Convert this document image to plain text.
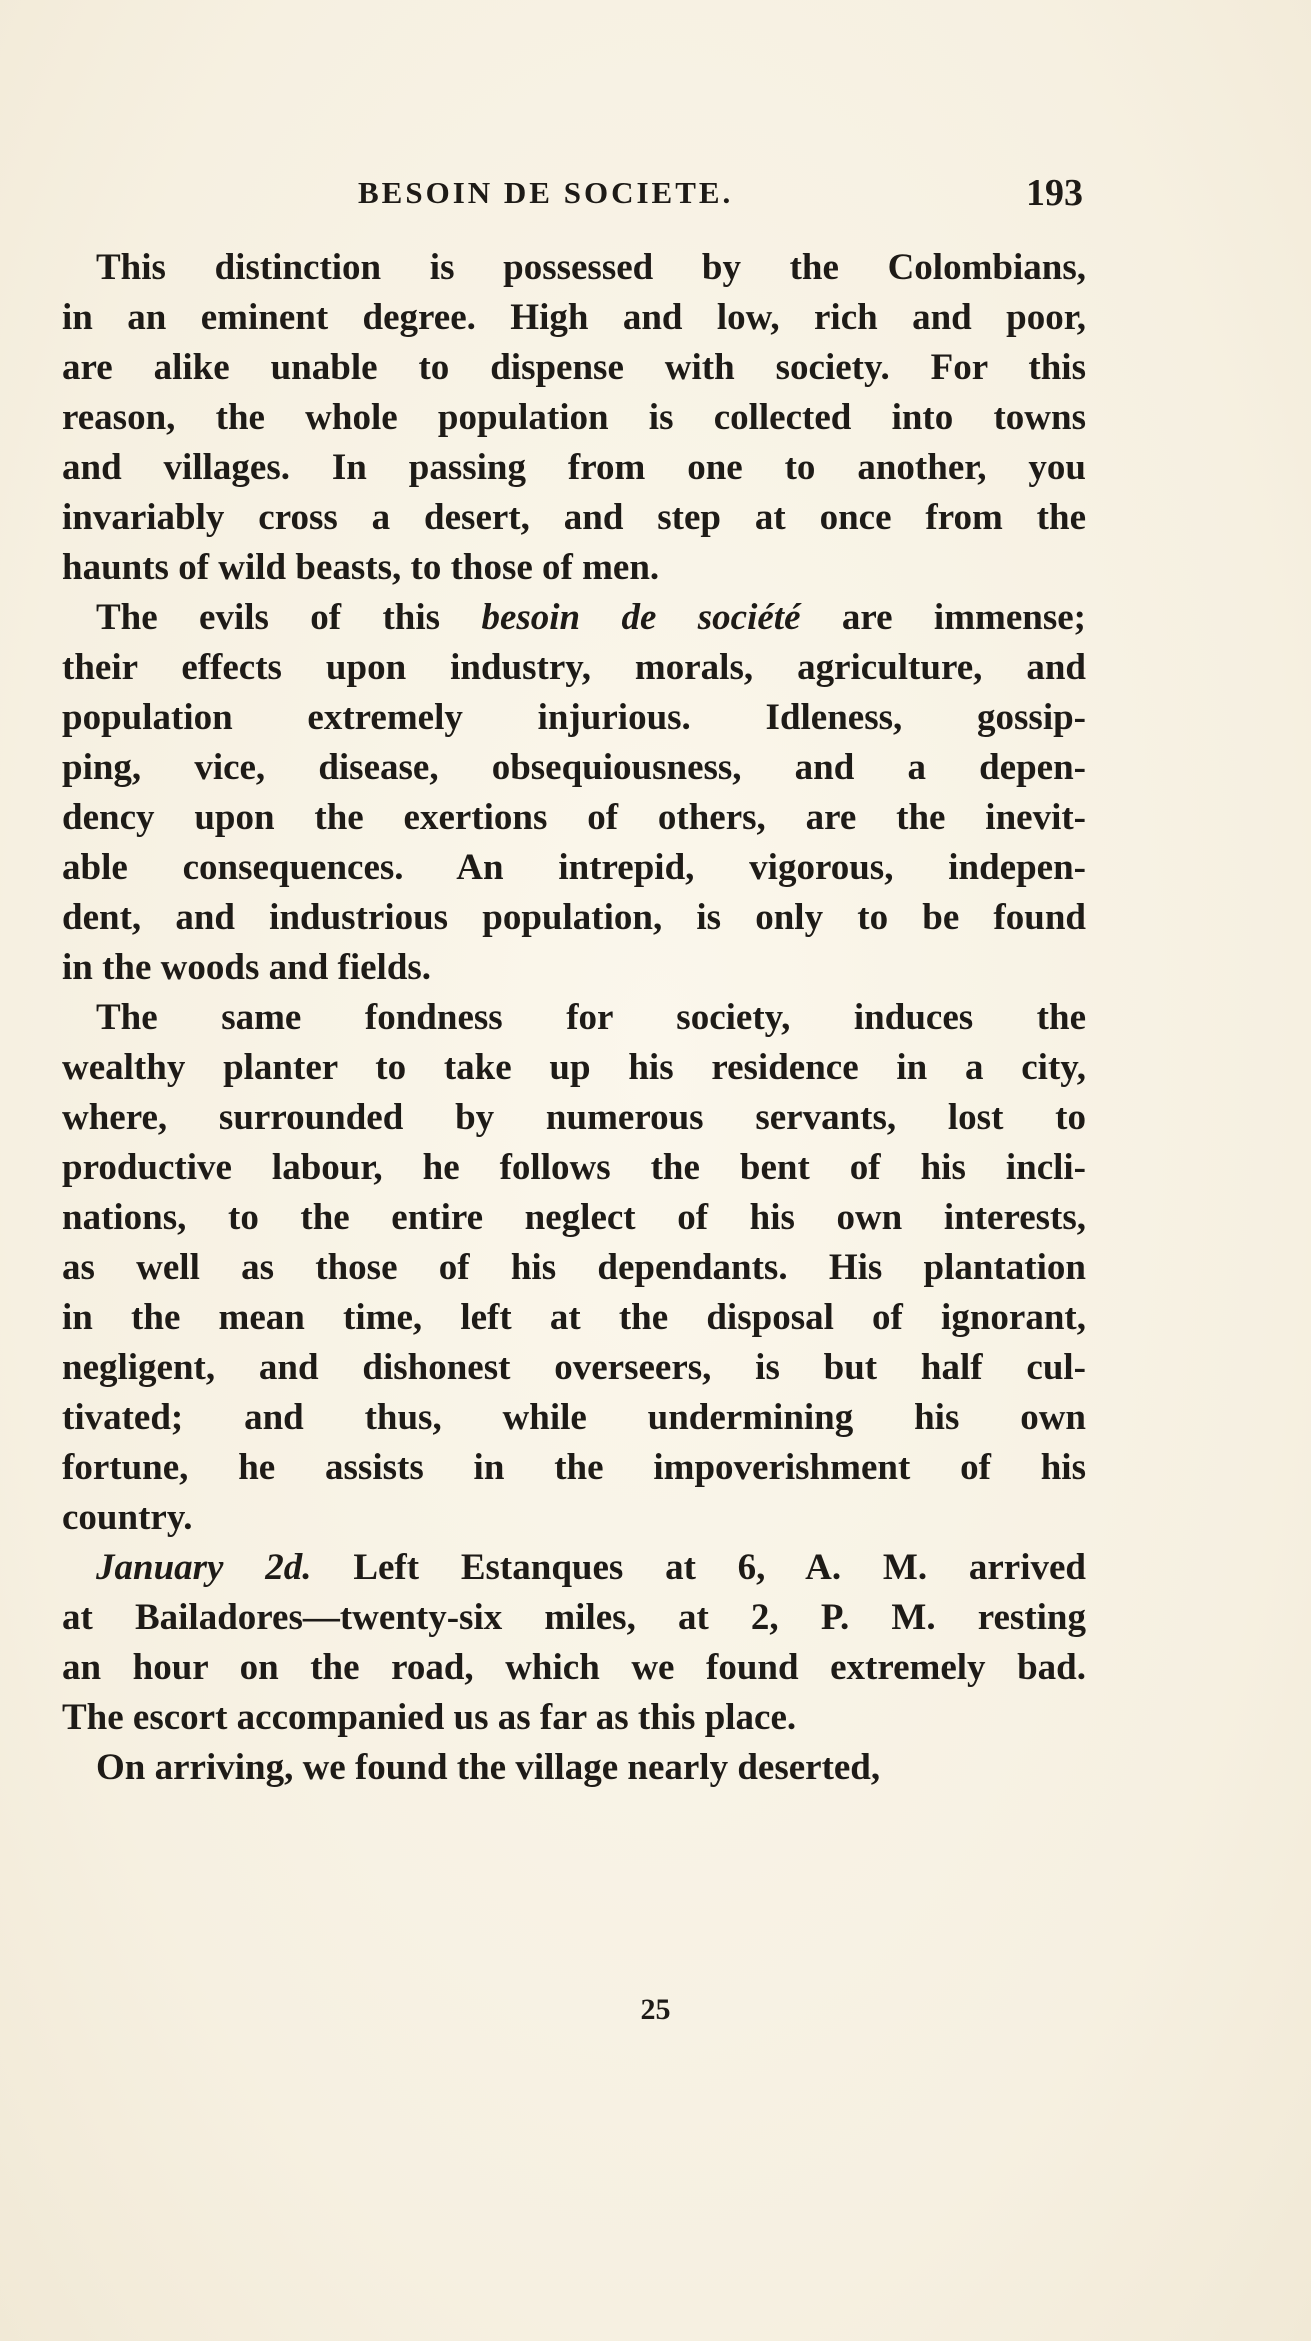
BESOIN DE SOCIETE.	193
This distinction is possessed by the Colombians,
in an eminent degree. High and low, rich and poor,
are alike unable to dispense with society. For this
reason, the whole population is collected into towns
and villages. In passing from one to another, you
invariably cross a desert, and step at once from the
haunts of wild beasts, to those of men.
The evils of this besoin de société are immense;
their effects upon industry, morals, agriculture, and
population extremely injurious. Idleness, gossip-
ping, vice, disease, obsequiousness, and a depen-
dency upon the exertions of others, are the inevit-
able consequences. An intrepid, vigorous, indepen-
dent, and industrious population, is only to be found
in the woods and fields.
The same fondness for society, induces the
wealthy planter to take up his residence in a city,
where, surrounded by numerous servants, lost to
productive labour, he follows the bent of his incli-
nations, to the entire neglect of his own interests,
as well as those of his dependants. His plantation
in the mean time, left at the disposal of ignorant,
negligent, and dishonest overseers, is but half cul-
tivated; and thus, while undermining his own
fortune, he assists in the impoverishment of his
country.
January 2d. Left Estanques at 6, A. M. arrived
at Bailadores—twenty-six miles, at 2, P. M. resting
an hour on the road, which we found extremely bad.
The escort accompanied us as far as this place.
On arriving, we found the village nearly deserted,
25
